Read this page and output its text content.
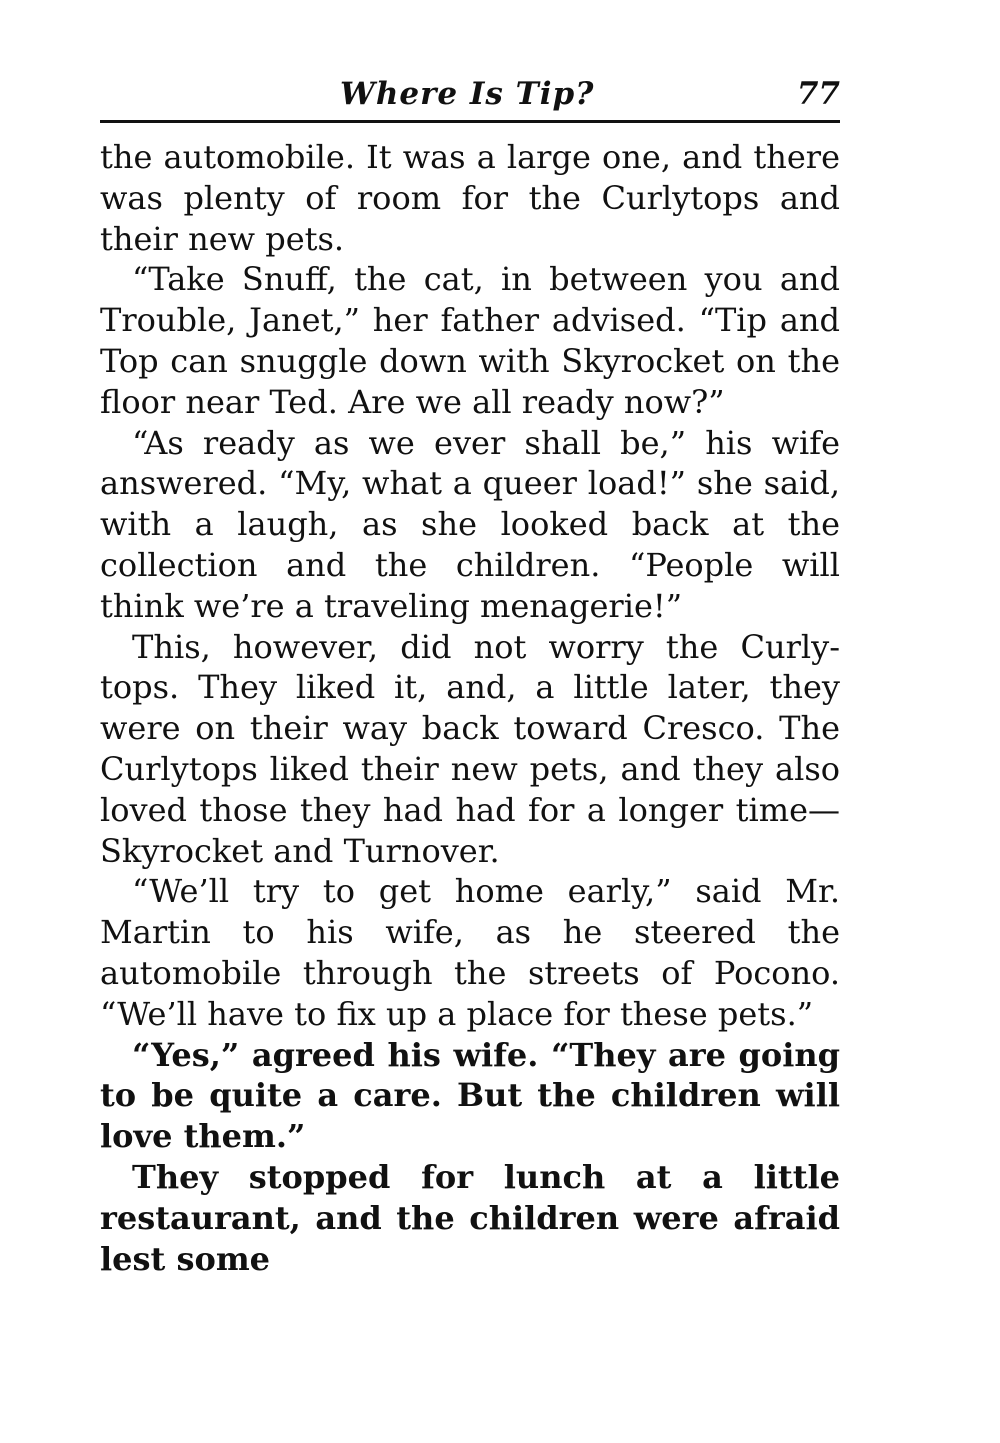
Where Is Tip?	77

the automobile. It was a large one, and there was plenty of room for the Curlytops and their new pets.

“Take Snuff, the cat, in between you and Trouble, Janet,” her father advised. “Tip and Top can snuggle down with Skyrocket on the floor near Ted. Are we all ready now?”

“As ready as we ever shall be,” his wife answered. “My, what a queer load!” she said, with a laugh, as she looked back at the collection and the children. “People will think we’re a traveling menagerie!”

This, however, did not worry the Curly-tops. They liked it, and, a little later, they were on their way back toward Cresco. The Curlytops liked their new pets, and they also loved those they had had for a longer time—Skyrocket and Turnover.

“We’ll try to get home early,” said Mr. Martin to his wife, as he steered the automobile through the streets of Pocono. “We’ll have to fix up a place for these pets.”

“Yes,” agreed his wife. “They are going to be quite a care. But the children will love them.”

They stopped for lunch at a little restaurant, and the children were afraid lest some
